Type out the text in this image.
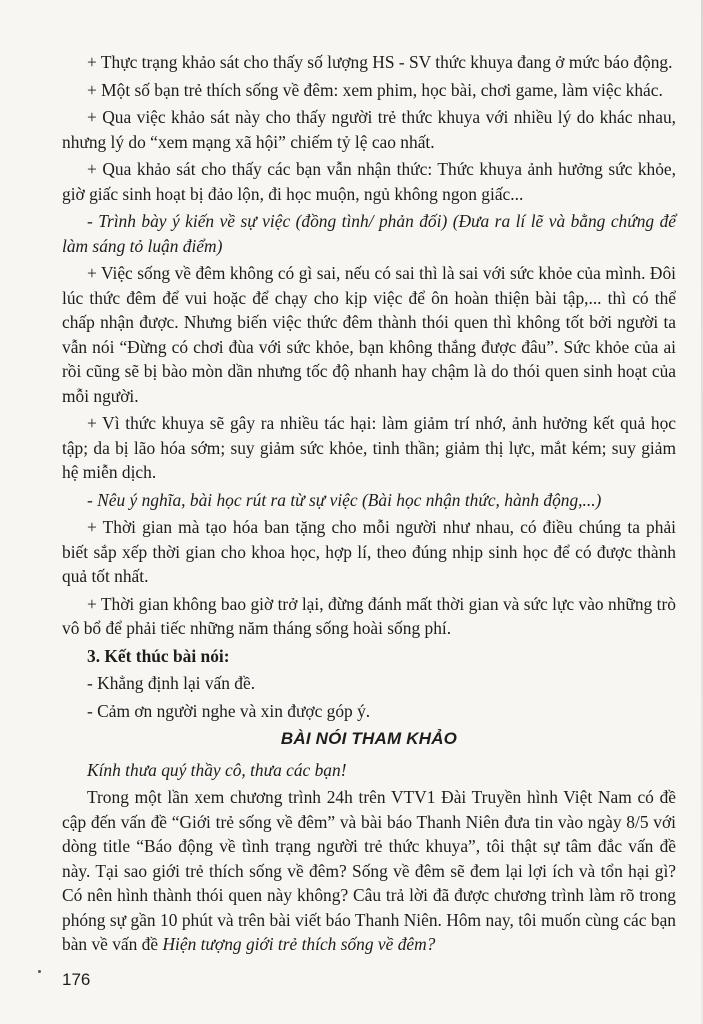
+ Thực trạng khảo sát cho thấy số lượng HS - SV thức khuya đang ở mức báo động.

+ Một số bạn trẻ thích sống về đêm: xem phim, học bài, chơi game, làm việc khác.

+ Qua việc khảo sát này cho thấy người trẻ thức khuya với nhiều lý do khác nhau, nhưng lý do “xem mạng xã hội” chiếm tỷ lệ cao nhất.

+ Qua khảo sát cho thấy các bạn vẫn nhận thức: Thức khuya ảnh hưởng sức khỏe, giờ giấc sinh hoạt bị đảo lộn, đi học muộn, ngủ không ngon giấc...

- Trình bày ý kiến về sự việc (đồng tình/ phản đối) (Đưa ra lí lẽ và bằng chứng để làm sáng tỏ luận điểm)

+ Việc sống về đêm không có gì sai, nếu có sai thì là sai với sức khỏe của mình. Đôi lúc thức đêm để vui hoặc để chạy cho kịp việc để ôn hoàn thiện bài tập,... thì có thể chấp nhận được. Nhưng biến việc thức đêm thành thói quen thì không tốt bởi người ta vẫn nói “Đừng có chơi đùa với sức khỏe, bạn không thắng được đâu”. Sức khỏe của ai rồi cũng sẽ bị bào mòn dần nhưng tốc độ nhanh hay chậm là do thói quen sinh hoạt của mỗi người.

+ Vì thức khuya sẽ gây ra nhiều tác hại: làm giảm trí nhớ, ảnh hưởng kết quả học tập; da bị lão hóa sớm; suy giảm sức khỏe, tinh thần; giảm thị lực, mắt kém; suy giảm hệ miễn dịch.

- Nêu ý nghĩa, bài học rút ra từ sự việc (Bài học nhận thức, hành động,...)

+ Thời gian mà tạo hóa ban tặng cho mỗi người như nhau, có điều chúng ta phải biết sắp xếp thời gian cho khoa học, hợp lí, theo đúng nhịp sinh học để có được thành quả tốt nhất.

+ Thời gian không bao giờ trở lại, đừng đánh mất thời gian và sức lực vào những trò vô bổ để phải tiếc những năm tháng sống hoài sống phí.

3. Kết thúc bài nói:

- Khẳng định lại vấn đề.

- Cảm ơn người nghe và xin được góp ý.

BÀI NÓI THAM KHẢO

Kính thưa quý thầy cô, thưa các bạn!

Trong một lần xem chương trình 24h trên VTV1 Đài Truyền hình Việt Nam có đề cập đến vấn đề “Giới trẻ sống về đêm” và bài báo Thanh Niên đưa tin vào ngày 8/5 với dòng title “Báo động về tình trạng người trẻ thức khuya”, tôi thật sự tâm đắc vấn đề này. Tại sao giới trẻ thích sống về đêm? Sống về đêm sẽ đem lại lợi ích và tổn hại gì? Có nên hình thành thói quen này không? Câu trả lời đã được chương trình làm rõ trong phóng sự gần 10 phút và trên bài viết báo Thanh Niên. Hôm nay, tôi muốn cùng các bạn bàn về vấn đề Hiện tượng giới trẻ thích sống về đêm?

176
